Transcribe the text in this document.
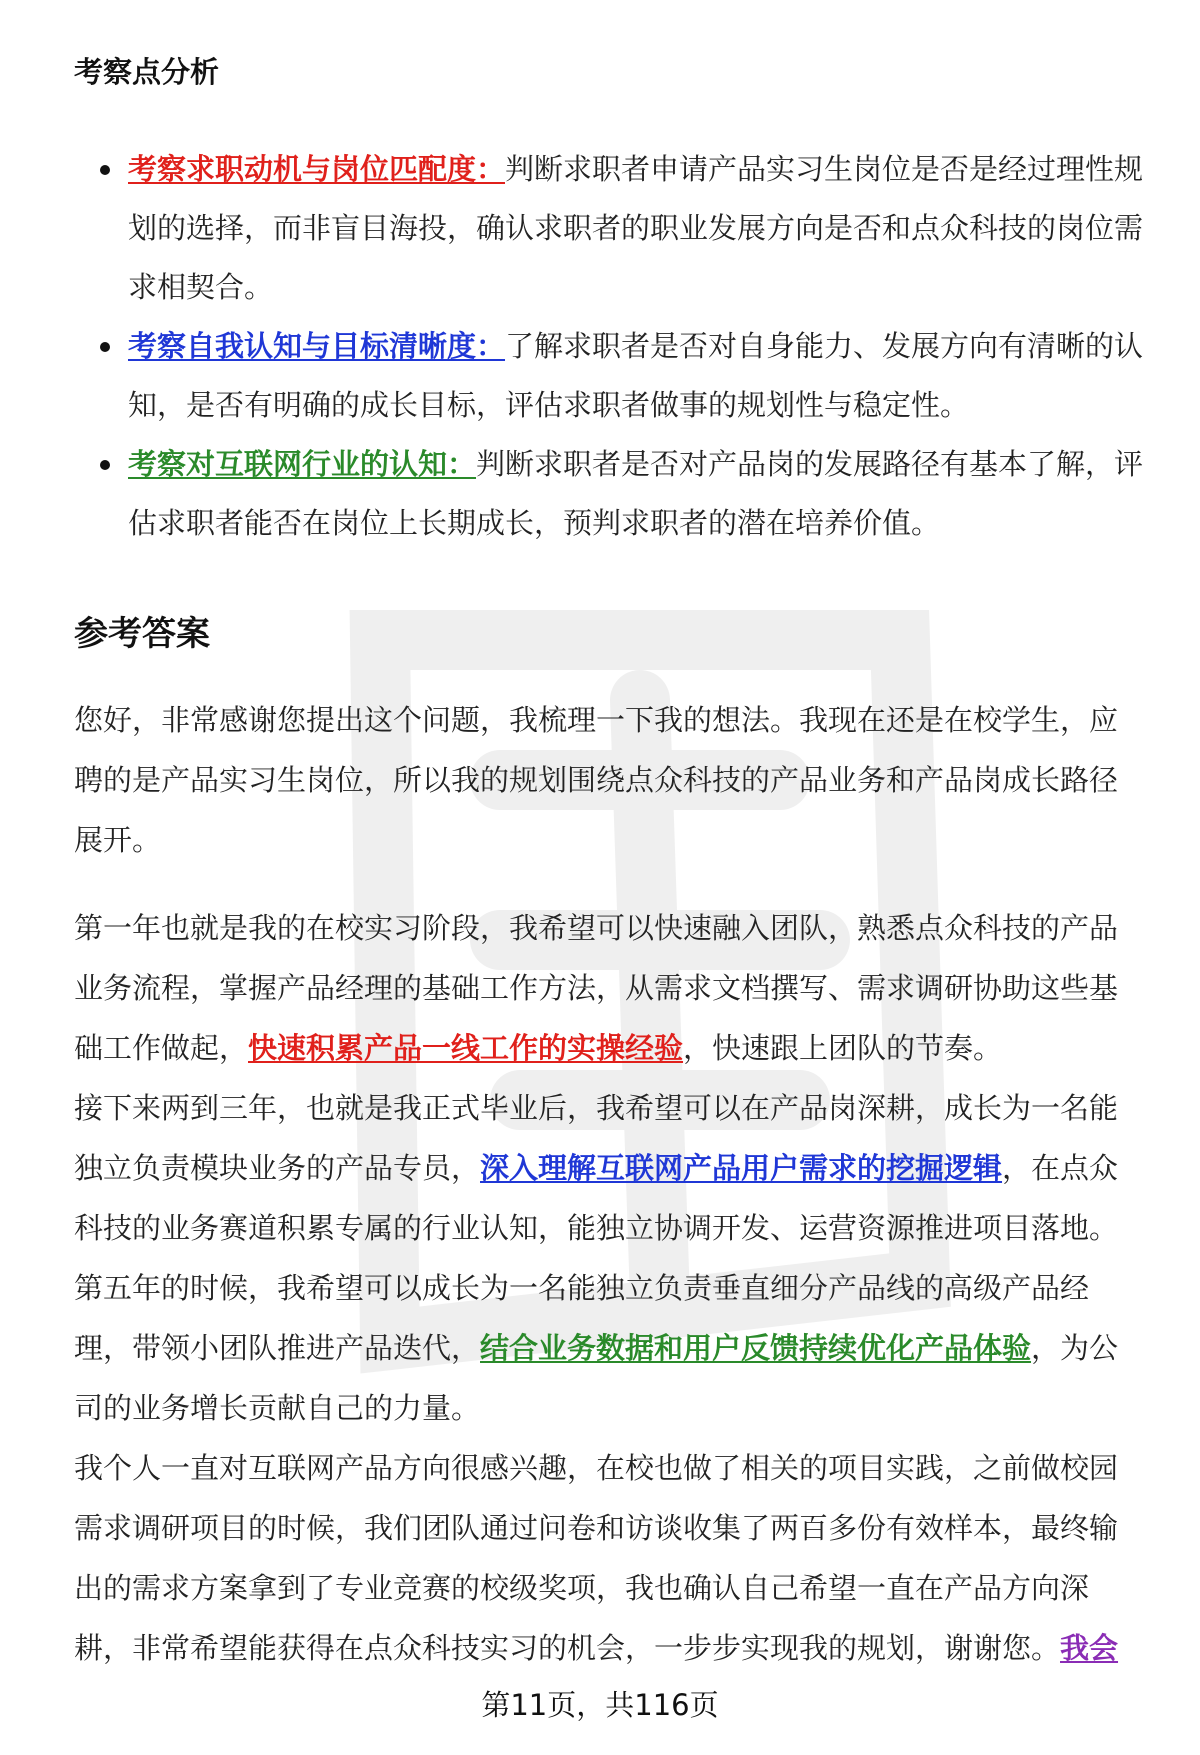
考察点分析
考察求职动机与岗位匹配度：判断求职者申请产品实习生岗位是否是经过理性规划的选择，而非盲目海投，确认求职者的职业发展方向是否和点众科技的岗位需求相契合。
考察自我认知与目标清晰度：了解求职者是否对自身能力、发展方向有清晰的认知，是否有明确的成长目标，评估求职者做事的规划性与稳定性。
考察对互联网行业的认知：判断求职者是否对产品岗的发展路径有基本了解，评估求职者能否在岗位上长期成长，预判求职者的潜在培养价值。
参考答案

您好，非常感谢您提出这个问题，我梳理一下我的想法。我现在还是在校学生，应聘的是产品实习生岗位，所以我的规划围绕点众科技的产品业务和产品岗成长路径展开。

第一年也就是我的在校实习阶段，我希望可以快速融入团队，熟悉点众科技的产品业务流程，掌握产品经理的基础工作方法，从需求文档撰写、需求调研协助这些基础工作做起，快速积累产品一线工作的实操经验，快速跟上团队的节奏。

接下来两到三年，也就是我正式毕业后，我希望可以在产品岗深耕，成长为一名能独立负责模块业务的产品专员，深入理解互联网产品用户需求的挖掘逻辑，在点众科技的业务赛道积累专属的行业认知，能独立协调开发、运营资源推进项目落地。

第五年的时候，我希望可以成长为一名能独立负责垂直细分产品线的高级产品经理，带领小团队推进产品迭代，结合业务数据和用户反馈持续优化产品体验，为公司的业务增长贡献自己的力量。

我个人一直对互联网产品方向很感兴趣，在校也做了相关的项目实践，之前做校园需求调研项目的时候，我们团队通过问卷和访谈收集了两百多份有效样本，最终输出的需求方案拿到了专业竞赛的校级奖项，我也确认自己希望一直在产品方向深耕，非常希望能获得在点众科技实习的机会，一步步实现我的规划，谢谢您。我会

第11页，共116页
